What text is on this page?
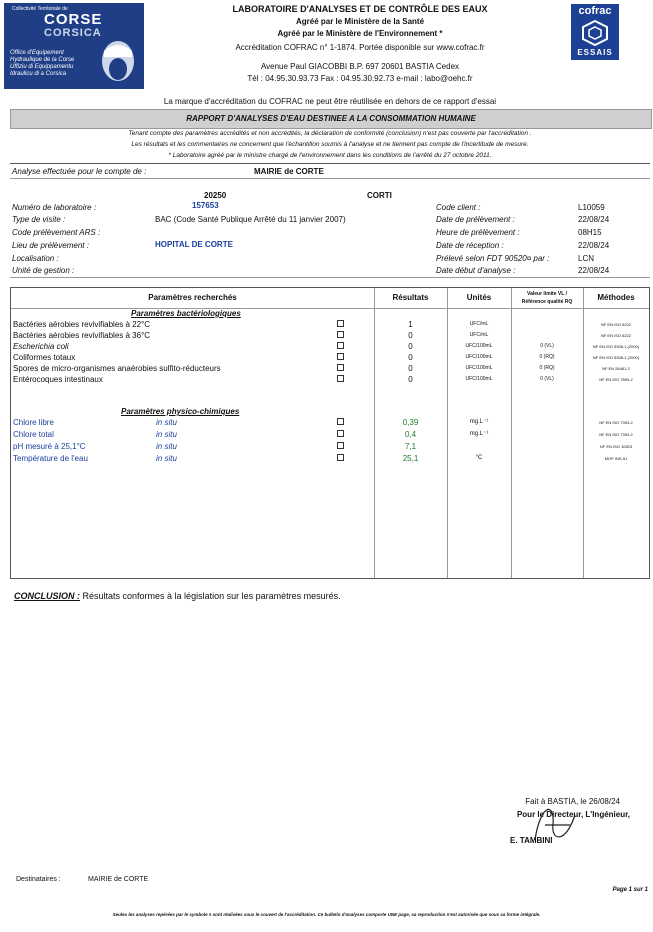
Collectivité Territoriale de
CORSE
CORSICA
Office d'Equipement
Hydraulique de la Corse
Uffiziu di Equippamentu
Idraulicu di a Corsica
cofrac
ESSAIS
LABORATOIRE D'ANALYSES ET DE CONTRÔLE DES EAUX
Agréé par le Ministère de la Santé
Agréé par le Ministère de l'Environnement *
Accréditation COFRAC n° 1-1874. Portée disponible sur www.cofrac.fr
Avenue Paul GIACOBBI B.P. 697 20601 BASTIA Cedex
Tél : 04.95.30.93.73 Fax : 04.95.30.92.73 e-mail : labo@oehc.fr
La marque d'accréditation du COFRAC ne peut être réutilisée en dehors de ce rapport d'essai
RAPPORT D'ANALYSES D'EAU DESTINEE A LA CONSOMMATION HUMAINE
Tenant compte des paramètres accrédités et non accrédités, la déclaration de conformité (conclusion) n'est pas couverte par l'accréditation .
Les résultats et les commentaires ne concernent que l'échantillon soumis à l'analyse et ne tiennent pas compte de l'incertitude de mesure.
* Laboratoire agréé par le ministre chargé de l'environnement dans les conditions de l'arrêté du 27 octobre 2011.
Analyse effectuée pour le compte de :	MAIRIE de CORTE
20250	CORTI
Numéro de laboratoire :	157653
Type de visite :	BAC (Code Santé Publique Arrêté du 11 janvier 2007)
Code prélèvement ARS :
Lieu de prélèvement :	HOPITAL DE CORTE
Localisation :
Unité de gestion :
Code client :	L10059
Date de prélèvement :	22/08/24
Heure de prélèvement :	08H15
Date de réception :	22/08/24
Prélevé selon FDT 90520¤ par :	LCN
Date début d'analyse :	22/08/24
Paramètres recherchés	Résultats	Unités	Valeur limite VL /
Référence qualité RQ	Méthodes
Paramètres bactériologiques
Bactéries aérobies revivifiables à 22°C	1	UFC/mL	NF EN ISO 6222
Bactéries aérobies revivifiables à 36°C	0	UFC/mL	NF EN ISO 6222
Escherichia coli	0	UFC/100mL	0 (VL)	NF EN ISO 9308-1 (2000)
Coliformes totaux	0	UFC/100mL	0 (RQ)	NF EN ISO 9308-1 (2000)
Spores de micro-organismes anaérobies sulfito-réducteurs	0	UFC/100mL	0 (RQ)	NF EN 26461-2
Entérocoques intestinaux	0	UFC/100mL	0 (VL)	NF EN ISO 7899-2
Paramètres physico-chimiques
Chlore libre	in situ	0,39	mg.L⁻¹	NF EN ISO 7393-2
Chlore total	in situ	0,4	mg.L⁻¹	NF EN ISO 7393-2
pH mesuré à 25,1°C	in situ	7,1	NF EN ISO 10523
Température de l'eau	in situ	25,1	°C	MOP INS-51
CONCLUSION : Résultats conformes à la législation sur les paramètres mesurés.
Fait à BASTIA, le 26/08/24
Pour le Directeur, L'Ingénieur,
E. TAMBINI
Destinataires :	MAIRIE de CORTE
Page 1 sur 1
Seules les analyses repérées par le symbole ¤ sont réalisées sous le couvert de l'accréditation. Ce bulletin d'analyses comporte UNE page, sa reproduction n'est autorisée que sous sa forme intégrale.
